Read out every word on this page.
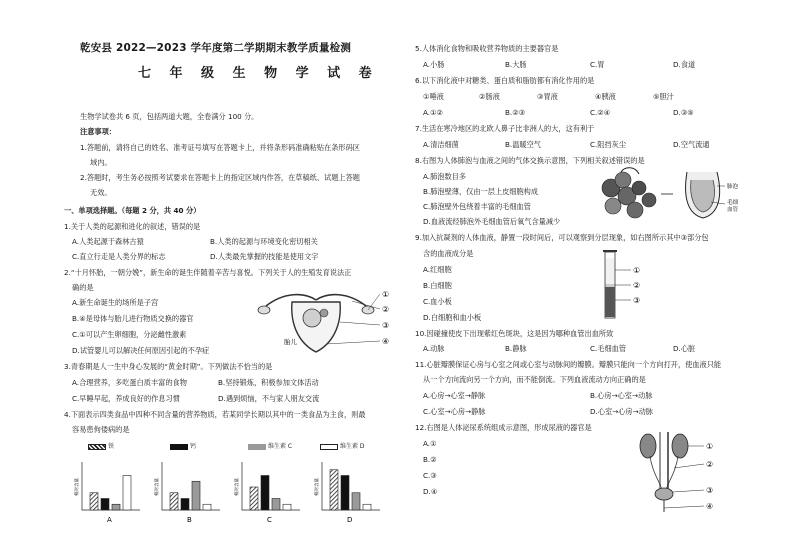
乾安县 2022—2023 学年度第二学期期末教学质量检测
七 年 级 生 物 学 试 卷
生物学试卷共 6 页，包括两道大题，全卷满分 100 分。
注意事项：
1.答题前，请将自己的姓名、准考证号填写在答题卡上，并将条形码准确粘贴在条形码区
域内。
2.答题时，考生务必按照考试要求在答题卡上的指定区域内作答，在草稿纸、试题上答题
无效。
一、单项选择题。（每题 2 分，共 40 分）
1.关于人类的起源和进化的叙述，错误的是
A.人类起源于森林古猿	B.人类的起源与环境变化密切相关
C.直立行走是人类分界的标志	D.人类最先掌握的技能是使用文字
2.“十月怀胎，一朝分娩”，新生命的诞生伴随着辛苦与喜悦。下列关于人的生殖发育说法正
确的是
A.新生命诞生的场所是子宫
B.④是母体与胎儿进行物质交换的器官
C.①可以产生卵细胞，分泌雌性激素
D.试管婴儿可以解决任何原因引起的不孕症
①
②
③
④
胎儿
3.青春期是人一生中身心发展的“黄金时期”。下列做法不恰当的是
A.合理营养，多吃蛋白质丰富的食物	B.坚持锻炼，积极参加文体活动
C.早睡早起，养成良好的作息习惯	D.遇到烦恼，不与家人朋友交流
4.下面表示四类食品中四种不同含量的营养物质，若某同学长期以其中的一类食品为主食，则最
容易患佝偻病的是
铁	钙	维生素 C	维生素 D
相对含量
A
相对含量
B
相对含量
C
相对含量
D
5.人体消化食物和吸收营养物质的主要器官是
A.小肠	B.大肠	C.胃	D.食道
6.以下消化液中对糖类、蛋白质和脂肪都有消化作用的是
①唾液	②肠液	③胃液	④胰液	⑤胆汁
A.①②	B.②③	C.②④	D.③⑤
7.生活在寒冷地区的北欧人鼻子比非洲人的大，这有利于
A.清洁细菌	B.温暖空气	C.阻挡灰尘	D.空气流通
8.右图为人体肺泡与血液之间的气体交换示意图，下列相关叙述错误的是
A.肺泡数目多
B.肺泡壁薄，仅由一层上皮细胞构成
C.肺泡壁外包绕着丰富的毛细血管
D.血液流经肺泡外毛细血管后氧气含量减少
肺泡
毛细
血管
9.加入抗凝剂的人体血液，静置一段时间后，可以观察到分层现象，如右图所示其中③部分包
含的血液成分是
A.红细胞
B.白细胞
C.血小板
D.白细胞和血小板
①
②
③
10.因碰撞使皮下出现紫红色斑块，这是因为哪种血管出血所致
A.动脉	B.静脉	C.毛细血管	D.心脏
11.心脏瓣膜保证心房与心室之间或心室与动脉间的瓣膜。瓣膜只能向一个方向打开，使血液只能
从一个方向流向另一个方向，而不能倒流。下列血液流动方向正确的是
A.心房→心室→静脉	B.心房→心室→动脉
C.心室→心房→静脉	D.心室→心房→动脉
12.右图是人体泌尿系统组成示意图，形成尿液的器官是
A.①
B.②
C.③
D.④
①
②
③
④
